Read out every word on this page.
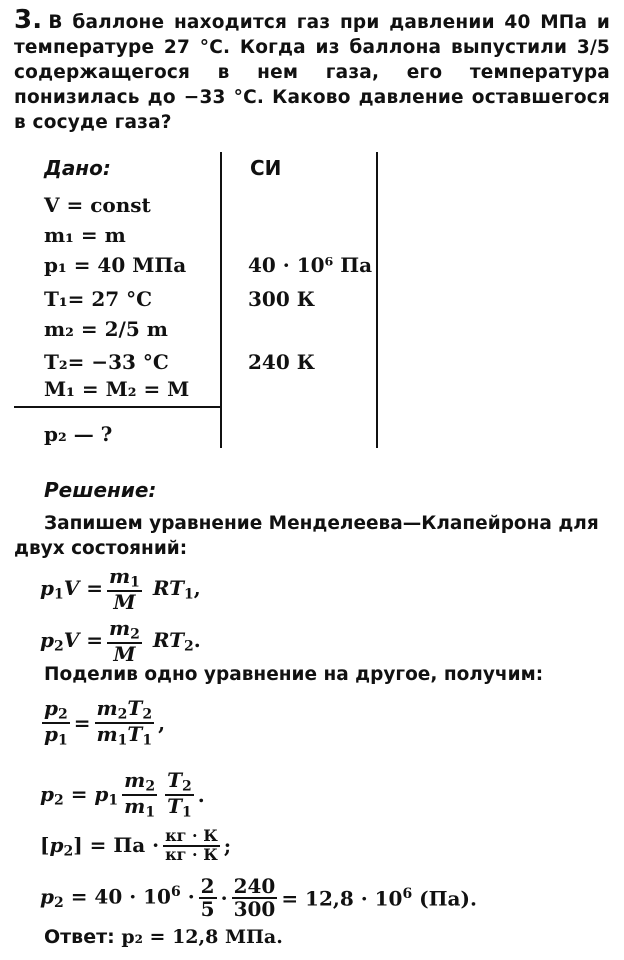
3. В баллоне находится газ при давлении 40 МПа и температуре 27 °С. Когда из баллона выпустили 3/5 содержащегося в нем газа, его температура понизилась до −33 °С. Каково давление оставшегося в сосуде газа?
Дано:	СИ
V = const
m₁ = m
p₁ = 40 МПа
T₁= 27 °С
m₂ = 2/5 m
T₂= −33 °С
M₁ = M₂ = M
40 · 10⁶ Па
300 К
240 К
p₂ — ?
Решение:
Запишем уравнение Менделеева—Клапейрона для двух состояний:
$p_1V = \frac{m_1}{M} RT_1$,
$p_2V = \frac{m_2}{M} RT_2$.
Поделив одно уравнение на другое, получим:
$\frac{p_2}{p_1} = \frac{m_2T_2}{m_1T_1}$ ,
$p_2 = p_1 \frac{m_2}{m_1} \frac{T_2}{T_1}$ .
$[p_2]$ = Па · $\frac{кг \cdot К}{кг \cdot К}$ ;
$p_2 = 40 \cdot 10^6 \cdot \frac{2}{5} \cdot \frac{240}{300} = 12,8 \cdot 10^6$ (Па).
Ответ: p₂ = 12,8 МПа.
